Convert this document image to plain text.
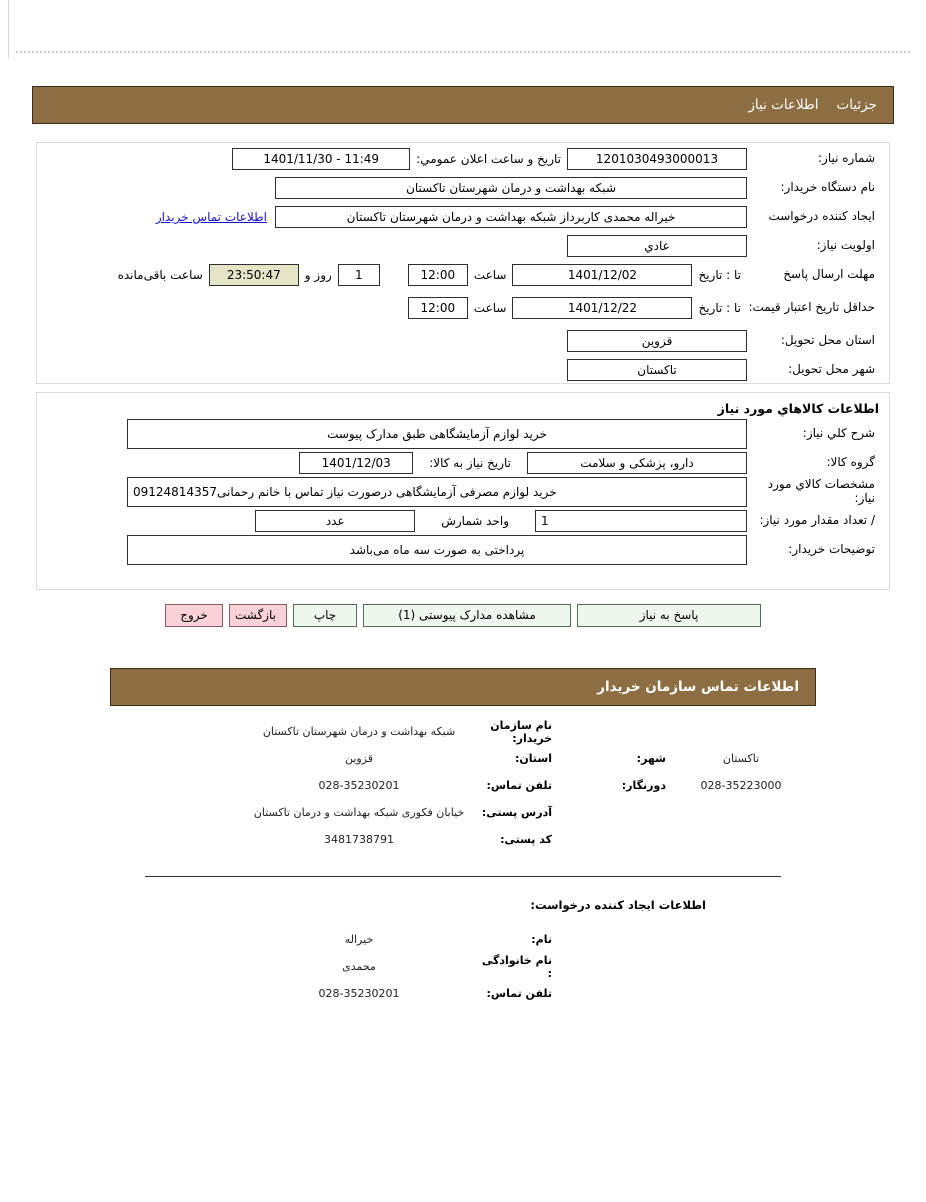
جزئیات
اطلاعات نیاز
شماره نیاز:
1201030493000013
تاریخ و ساعت اعلان عمومي:
11:49 - 1401/11/30
نام دستگاه خریدار:
شبکه بهداشت و درمان شهرستان تاکستان
ایجاد کننده درخواست
خیراله محمدی کاربرداز شبکه بهداشت و درمان شهرستان تاکستان
اطلاعات تماس خریدار
اولویت نیاز:
عادي
مهلت ارسال پاسخ
تا : تاریخ
1401/12/02
ساعت
12:00
1
روز و
23:50:47
ساعت باقی‌مانده
حداقل تاریخ اعتبار قیمت:
تا : تاریخ
1401/12/22
ساعت
12:00
استان محل تحویل:
قزوین
شهر محل تحویل:
تاکستان
اطلاعات کالاهاي مورد نیاز
شرح کلي نیاز:
خرید لوازم آزمایشگاهی طبق مدارک پیوست
گروه کالا:
دارو، پزشکی و سلامت
تاریخ نیاز به کالا:
1401/12/03
مشخصات کالاي مورد نیاز:
خرید لوازم مصرفی آزمایشگاهی درصورت نیاز تماس با خانم رحمانی09124814357
/ تعداد مقدار مورد نیاز:
1
واحد شمارش
عدد
توضیحات خریدار:
پرداختی به صورت سه ماه می‌باشد
پاسخ به نیاز
مشاهده مدارک پیوستی (1)
چاپ
بازگشت
خروج
اطلاعات تماس سازمان خریدار
نام سازمان خریدار:
شبکه بهداشت و درمان شهرستان تاکستان
تاکستان
شهر:
استان:
قزوین
028-35223000
دورنگار:
تلفن تماس:
028-35230201
آدرس پستی:
خیابان فکوری شبکه بهداشت و درمان تاکستان
کد پستی:
3481738791
اطلاعات ایجاد کننده درخواست:
نام:
خیراله
نام خانوادگی :
محمدی
تلفن تماس:
028-35230201
